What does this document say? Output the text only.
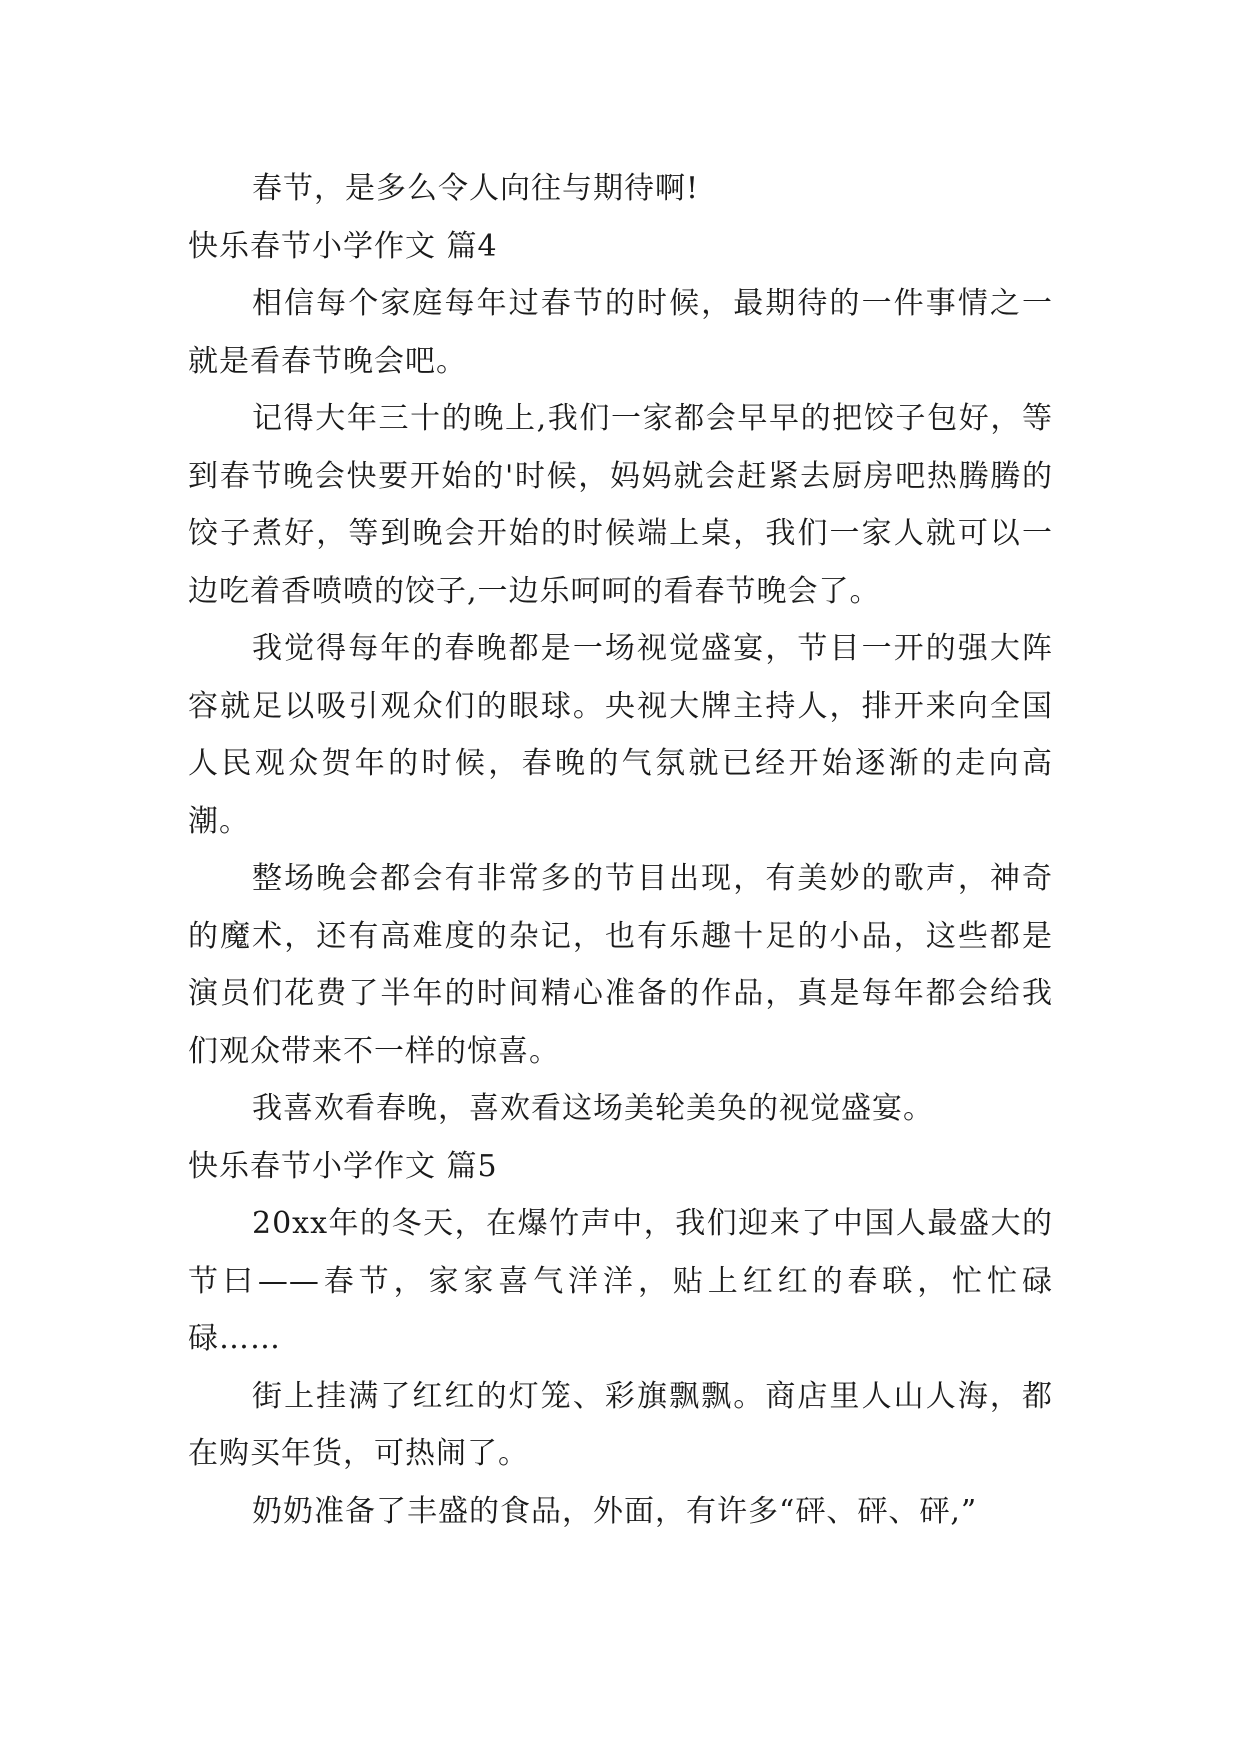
春节，是多么令人向往与期待啊!

快乐春节小学作文 篇4

相信每个家庭每年过春节的时候，最期待的一件事情之一就是看春节晚会吧。

记得大年三十的晚上,我们一家都会早早的把饺子包好，等到春节晚会快要开始的'时候，妈妈就会赶紧去厨房吧热腾腾的饺子煮好，等到晚会开始的时候端上桌，我们一家人就可以一边吃着香喷喷的饺子,一边乐呵呵的看春节晚会了。

我觉得每年的春晚都是一场视觉盛宴，节目一开的强大阵容就足以吸引观众们的眼球。央视大牌主持人，排开来向全国人民观众贺年的时候，春晚的气氛就已经开始逐渐的走向高潮。

整场晚会都会有非常多的节目出现，有美妙的歌声，神奇的魔术，还有高难度的杂记，也有乐趣十足的小品，这些都是演员们花费了半年的时间精心准备的作品，真是每年都会给我们观众带来不一样的惊喜。

我喜欢看春晚，喜欢看这场美轮美奂的视觉盛宴。

快乐春节小学作文 篇5

20xx年的冬天，在爆竹声中，我们迎来了中国人最盛大的节曰——春节，家家喜气洋洋，贴上红红的春联，忙忙碌碌……

街上挂满了红红的灯笼、彩旗飘飘。商店里人山人海，都在购买年货，可热闹了。

奶奶准备了丰盛的食品，外面，有许多“砰、砰、砰,”
